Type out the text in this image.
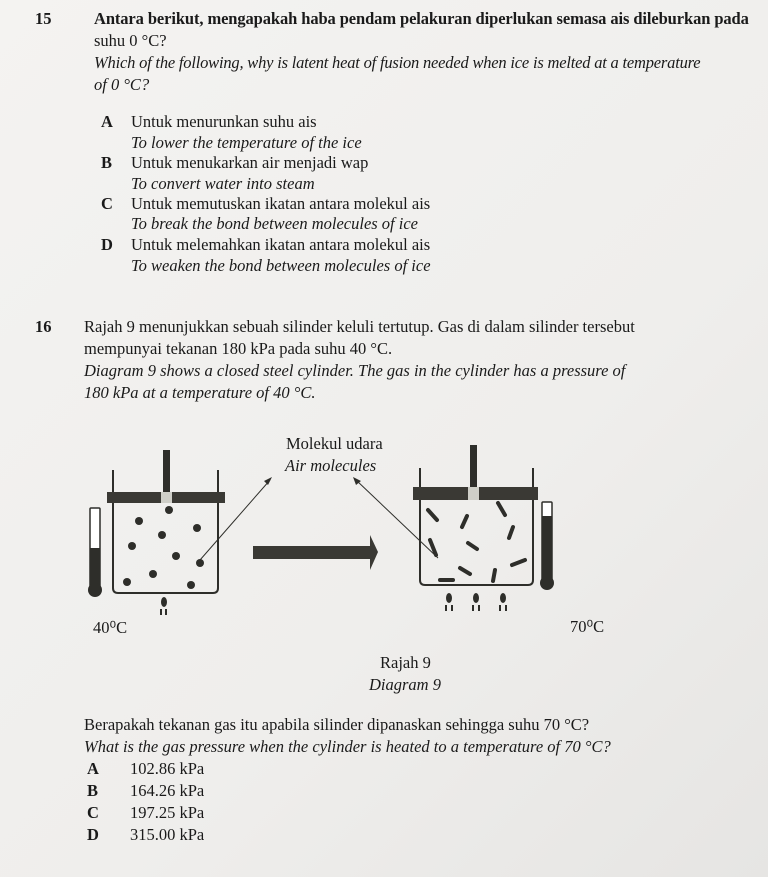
15	Antara berikut, mengapakah haba pendam pelakuran diperlukan semasa ais dileburkan pada
suhu 0 °C?
Which of the following, why is latent heat of fusion needed when ice is melted at a temperature
of 0 °C?
A Untuk menurunkan suhu ais
To lower the temperature of the ice
B Untuk menukarkan air menjadi wap
To convert water into steam
C Untuk memutuskan ikatan antara molekul ais
To break the bond between molecules of ice
D Untuk melemahkan ikatan antara molekul ais
To weaken the bond between molecules of ice
16 Rajah 9 menunjukkan sebuah silinder keluli tertutup. Gas di dalam silinder tersebut
mempunyai tekanan 180 kPa pada suhu 40 °C.
Diagram 9 shows a closed steel cylinder. The gas in the cylinder has a pressure of
180 kPa at a temperature of 40 °C.
Molekul udara
Air molecules
40⁰C	70⁰C
Rajah 9
Diagram 9
Berapakah tekanan gas itu apabila silinder dipanaskan sehingga suhu 70 °C?
What is the gas pressure when the cylinder is heated to a temperature of 70 °C?
A 102.86 kPa
B 164.26 kPa
C 197.25 kPa
D 315.00 kPa
